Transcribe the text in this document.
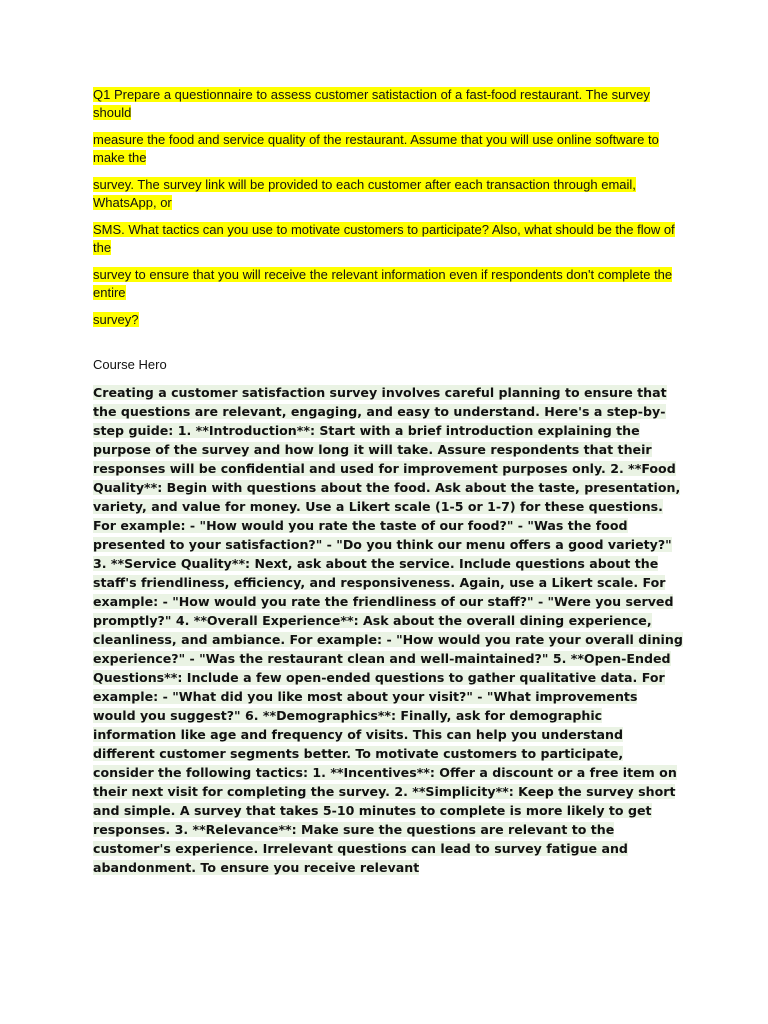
Q1 Prepare a questionnaire to assess customer satistaction of a fast-food restaurant. The survey should

measure the food and service quality of the restaurant. Assume that you will use online software to make the

survey. The survey link will be provided to each customer after each transaction through email, WhatsApp, or

SMS. What tactics can you use to motivate customers to participate? Also, what should be the flow of the

survey to ensure that you will receive the relevant information even if respondents don't complete the entire

survey?

Course Hero

Creating a customer satisfaction survey involves careful planning to ensure that the questions are relevant, engaging, and easy to understand. Here's a step-by-step guide: 1. **Introduction**: Start with a brief introduction explaining the purpose of the survey and how long it will take. Assure respondents that their responses will be confidential and used for improvement purposes only. 2. **Food Quality**: Begin with questions about the food. Ask about the taste, presentation, variety, and value for money. Use a Likert scale (1-5 or 1-7) for these questions. For example: - "How would you rate the taste of our food?" - "Was the food presented to your satisfaction?" - "Do you think our menu offers a good variety?" 3. **Service Quality**: Next, ask about the service. Include questions about the staff's friendliness, efficiency, and responsiveness. Again, use a Likert scale. For example: - "How would you rate the friendliness of our staff?" - "Were you served promptly?" 4. **Overall Experience**: Ask about the overall dining experience, cleanliness, and ambiance. For example: - "How would you rate your overall dining experience?" - "Was the restaurant clean and well-maintained?" 5. **Open-Ended Questions**: Include a few open-ended questions to gather qualitative data. For example: - "What did you like most about your visit?" - "What improvements would you suggest?" 6. **Demographics**: Finally, ask for demographic information like age and frequency of visits. This can help you understand different customer segments better. To motivate customers to participate, consider the following tactics: 1. **Incentives**: Offer a discount or a free item on their next visit for completing the survey. 2. **Simplicity**: Keep the survey short and simple. A survey that takes 5-10 minutes to complete is more likely to get responses. 3. **Relevance**: Make sure the questions are relevant to the customer's experience. Irrelevant questions can lead to survey fatigue and abandonment. To ensure you receive relevant
